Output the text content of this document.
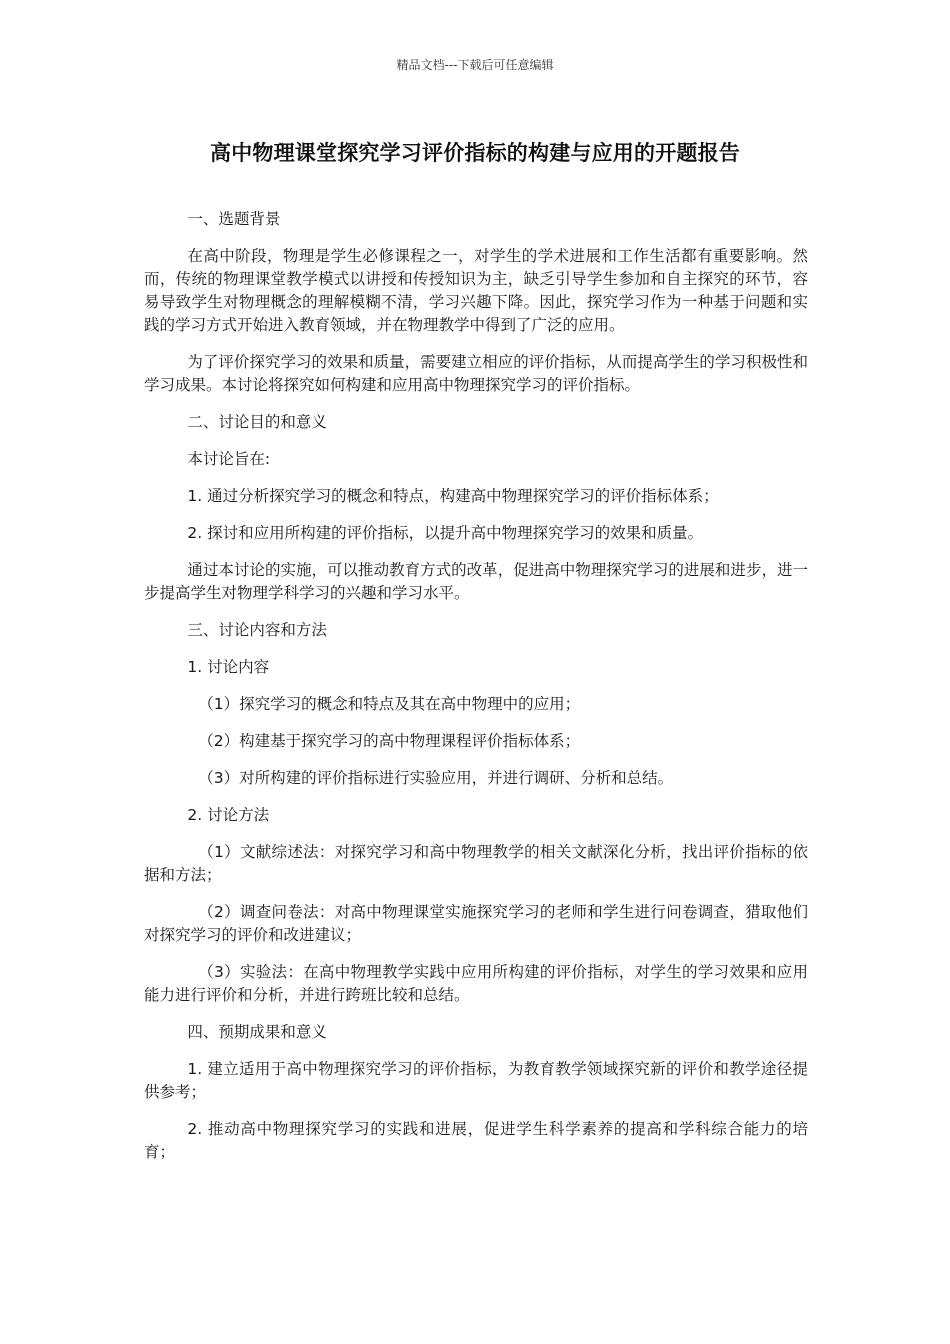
精品文档---下载后可任意编辑
高中物理课堂探究学习评价指标的构建与应用的开题报告

一、选题背景

在高中阶段，物理是学生必修课程之一，对学生的学术进展和工作生活都有重要影响。然而，传统的物理课堂教学模式以讲授和传授知识为主，缺乏引导学生参加和自主探究的环节，容易导致学生对物理概念的理解模糊不清，学习兴趣下降。因此，探究学习作为一种基于问题和实践的学习方式开始进入教育领域，并在物理教学中得到了广泛的应用。

为了评价探究学习的效果和质量，需要建立相应的评价指标，从而提高学生的学习积极性和学习成果。本讨论将探究如何构建和应用高中物理探究学习的评价指标。

二、讨论目的和意义

本讨论旨在:

1. 通过分析探究学习的概念和特点，构建高中物理探究学习的评价指标体系；

2. 探讨和应用所构建的评价指标，以提升高中物理探究学习的效果和质量。

通过本讨论的实施，可以推动教育方式的改革，促进高中物理探究学习的进展和进步，进一步提高学生对物理学科学习的兴趣和学习水平。

三、讨论内容和方法

1. 讨论内容

（1）探究学习的概念和特点及其在高中物理中的应用；

（2）构建基于探究学习的高中物理课程评价指标体系；

（3）对所构建的评价指标进行实验应用，并进行调研、分析和总结。

2. 讨论方法

（1）文献综述法：对探究学习和高中物理教学的相关文献深化分析，找出评价指标的依据和方法；

（2）调查问卷法：对高中物理课堂实施探究学习的老师和学生进行问卷调查，猎取他们对探究学习的评价和改进建议；

（3）实验法：在高中物理教学实践中应用所构建的评价指标，对学生的学习效果和应用能力进行评价和分析，并进行跨班比较和总结。

四、预期成果和意义

1. 建立适用于高中物理探究学习的评价指标，为教育教学领域探究新的评价和教学途径提供参考；

2. 推动高中物理探究学习的实践和进展，促进学生科学素养的提高和学科综合能力的培育；
